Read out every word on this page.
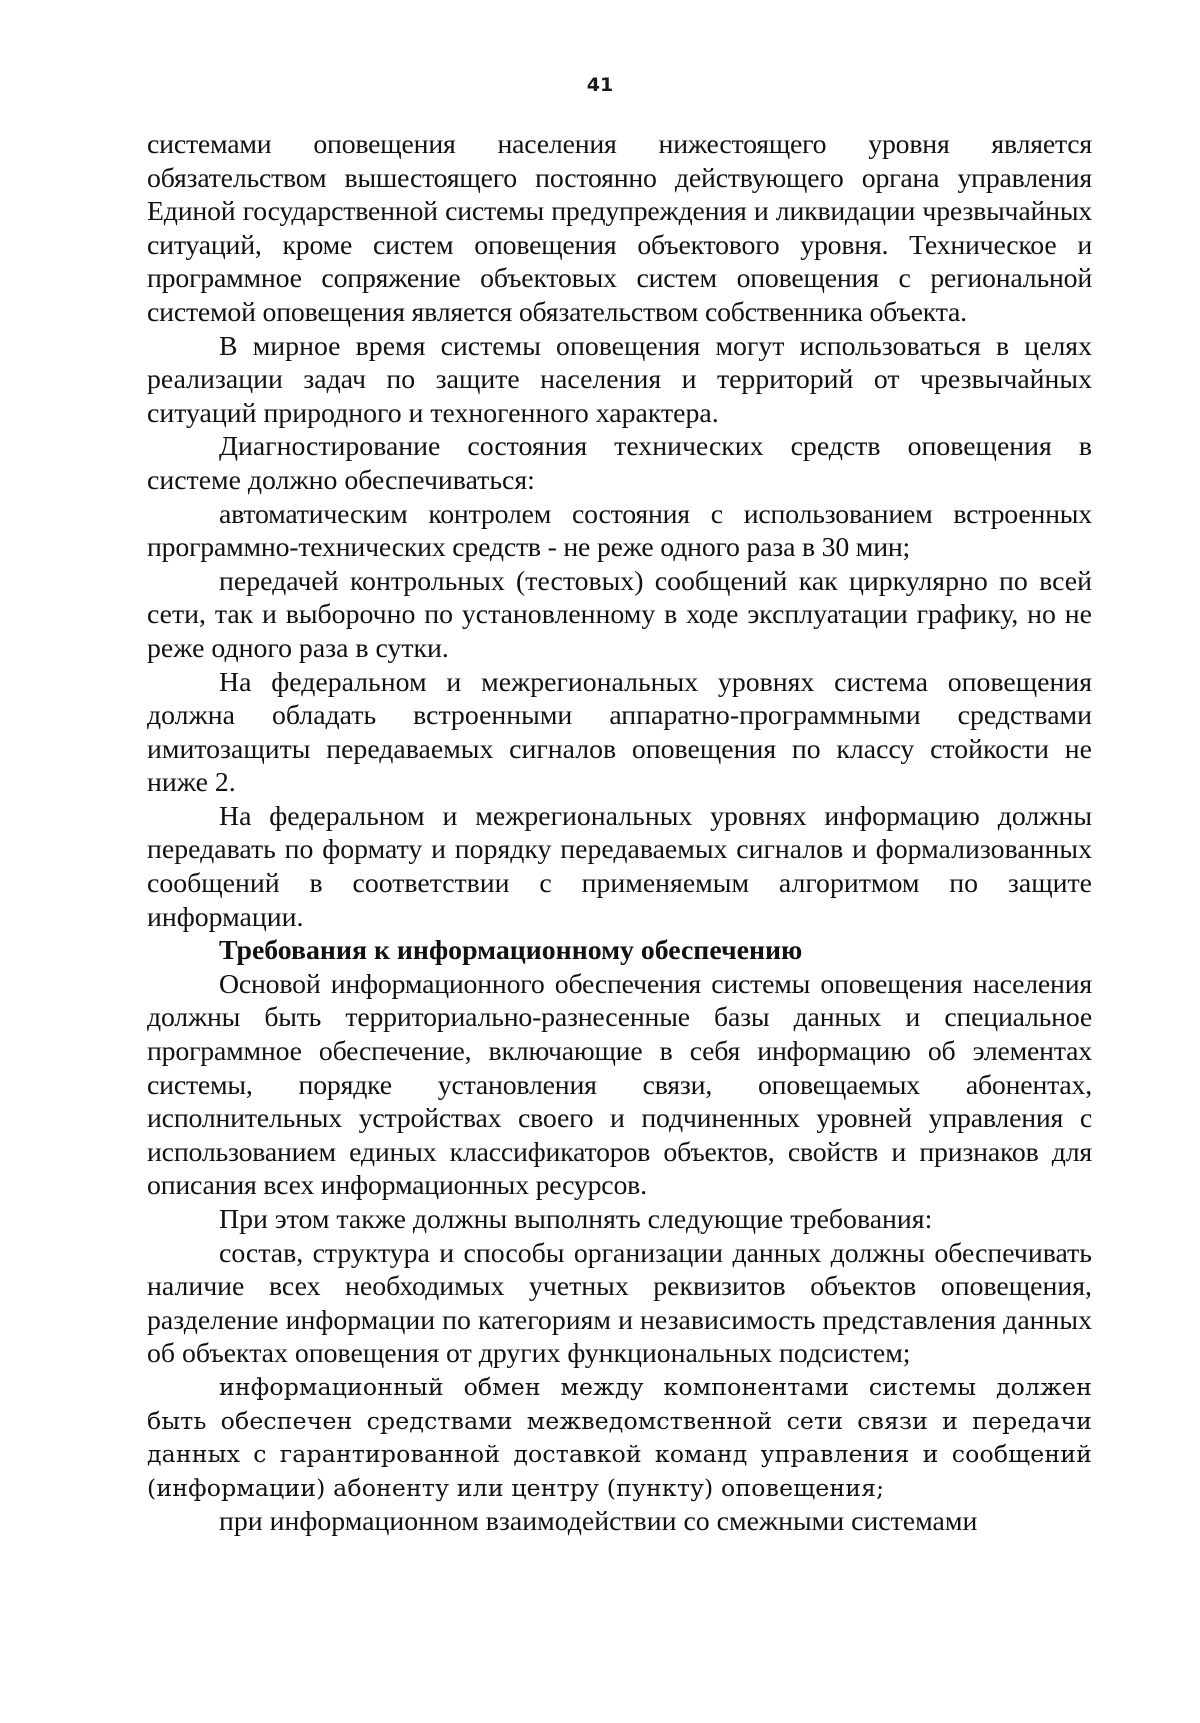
41

системами оповещения населения нижестоящего уровня является обязательством вышестоящего постоянно действующего органа управления Единой государственной системы предупреждения и ликвидации чрезвычайных ситуаций, кроме систем оповещения объектового уровня. Техническое и программное сопряжение объектовых систем оповещения с региональной системой оповещения является обязательством собственника объекта.

В мирное время системы оповещения могут использоваться в целях реализации задач по защите населения и территорий от чрезвычайных ситуаций природного и техногенного характера.

Диагностирование состояния технических средств оповещения в системе должно обеспечиваться:

автоматическим контролем состояния с использованием встроенных программно-технических средств - не реже одного раза в 30 мин;

передачей контрольных (тестовых) сообщений как циркулярно по всей сети, так и выборочно по установленному в ходе эксплуатации графику, но не реже одного раза в сутки.

На федеральном и межрегиональных уровнях система оповещения должна обладать встроенными аппаратно-программными средствами имитозащиты передаваемых сигналов оповещения по классу стойкости не ниже 2.

На федеральном и межрегиональных уровнях информацию должны передавать по формату и порядку передаваемых сигналов и формализованных сообщений в соответствии с применяемым алгоритмом по защите информации.

Требования к информационному обеспечению

Основой информационного обеспечения системы оповещения населения должны быть территориально-разнесенные базы данных и специальное программное обеспечение, включающие в себя информацию об элементах системы, порядке установления связи, оповещаемых абонентах, исполнительных устройствах своего и подчиненных уровней управления с использованием единых классификаторов объектов, свойств и признаков для описания всех информационных ресурсов.

При этом также должны выполнять следующие требования:

состав, структура и способы организации данных должны обеспечивать наличие всех необходимых учетных реквизитов объектов оповещения, разделение информации по категориям и независимость представления данных об объектах оповещения от других функциональных подсистем;

информационный обмен между компонентами системы должен быть обеспечен средствами межведомственной сети связи и передачи данных с гарантированной доставкой команд управления и сообщений (информации) абоненту или центру (пункту) оповещения;

при информационном взаимодействии со смежными системами
